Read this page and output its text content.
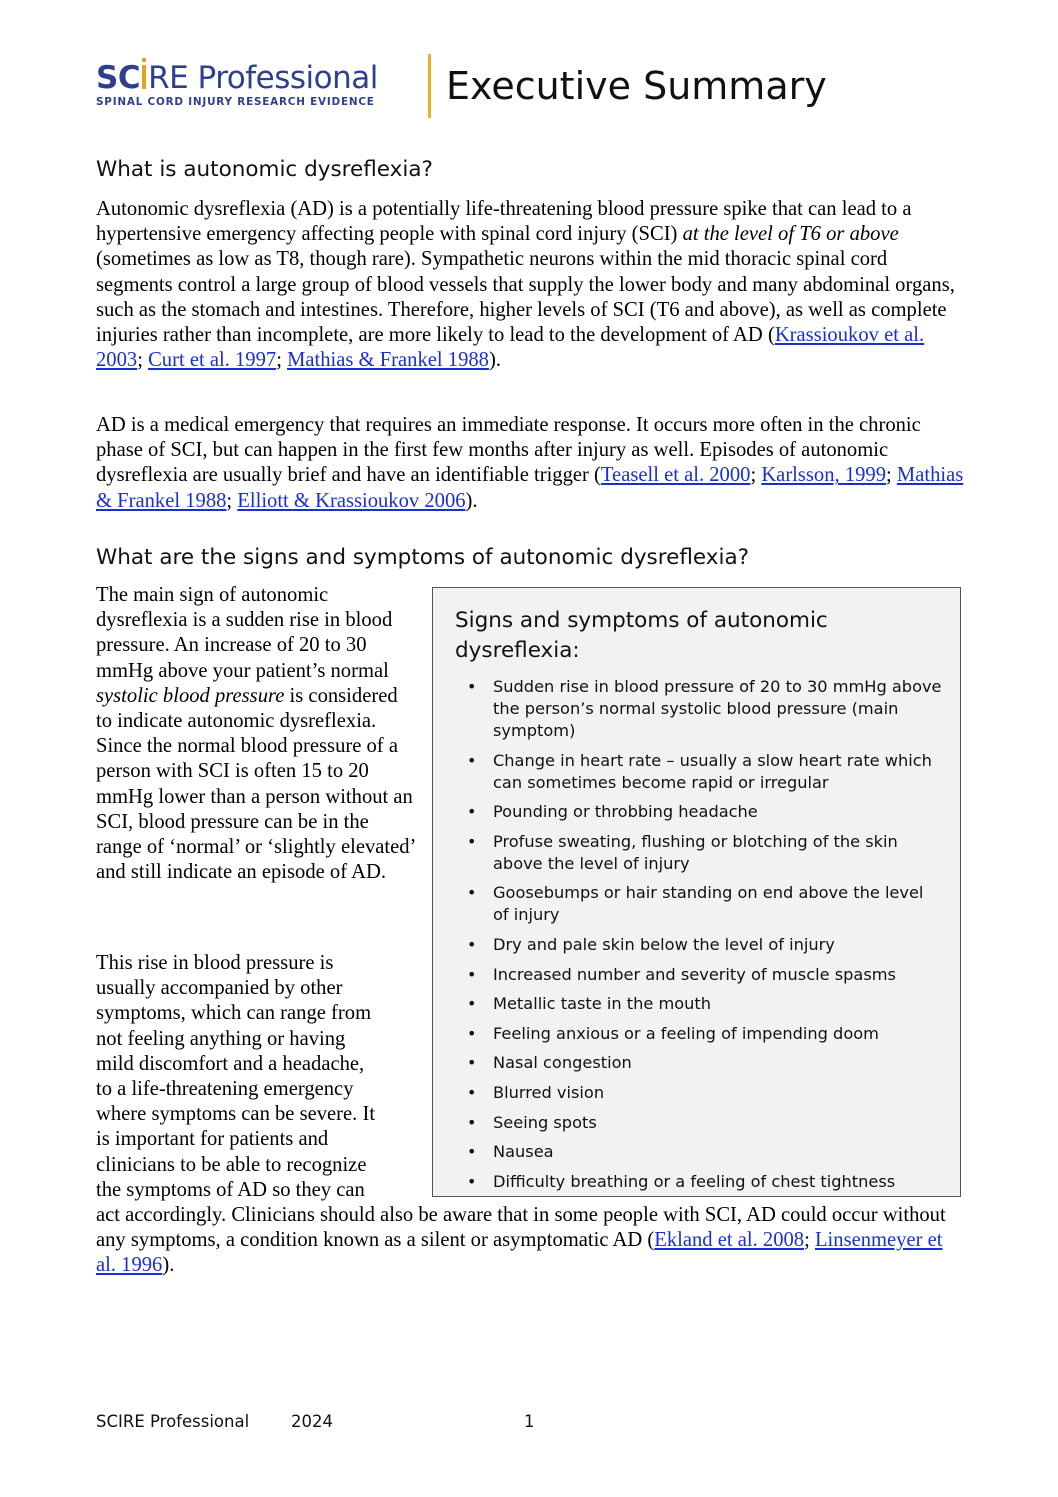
SC RE Professional
SPINAL CORD INJURY RESEARCH EVIDENCE	Executive Summary
What is autonomic dysreflexia?

Autonomic dysreflexia (AD) is a potentially life-threatening blood pressure spike that can lead to a hypertensive emergency affecting people with spinal cord injury (SCI) at the level of T6 or above (sometimes as low as T8, though rare). Sympathetic neurons within the mid thoracic spinal cord segments control a large group of blood vessels that supply the lower body and many abdominal organs, such as the stomach and intestines. Therefore, higher levels of SCI (T6 and above), as well as complete injuries rather than incomplete, are more likely to lead to the development of AD (Krassioukov et al. 2003; Curt et al. 1997; Mathias & Frankel 1988).

AD is a medical emergency that requires an immediate response. It occurs more often in the chronic phase of SCI, but can happen in the first few months after injury as well. Episodes of autonomic dysreflexia are usually brief and have an identifiable trigger (Teasell et al. 2000; Karlsson, 1999; Mathias & Frankel 1988; Elliott & Krassioukov 2006).

What are the signs and symptoms of autonomic dysreflexia?

The main sign of autonomic dysreflexia is a sudden rise in blood pressure. An increase of 20 to 30 mmHg above your patient’s normal systolic blood pressure is considered to indicate autonomic dysreflexia. Since the normal blood pressure of a person with SCI is often 15 to 20 mmHg lower than a person without an SCI, blood pressure can be in the range of ‘normal’ or ‘slightly elevated’ and still indicate an episode of AD.

This rise in blood pressure is
usually accompanied by other
symptoms, which can range from
not feeling anything or having
mild discomfort and a headache,
to a life-threatening emergency
where symptoms can be severe. It
is important for patients and
clinicians to be able to recognize
the symptoms of AD so they can
act accordingly. Clinicians should also be aware that in some people with SCI, AD could occur without any symptoms, a condition known as a silent or asymptomatic AD (Ekland et al. 2008; Linsenmeyer et al. 1996).
Signs and symptoms of autonomic dysreflexia:
• Sudden rise in blood pressure of 20 to 30 mmHg above the person’s normal systolic blood pressure (main symptom)
• Change in heart rate – usually a slow heart rate which can sometimes become rapid or irregular
• Pounding or throbbing headache
• Profuse sweating, flushing or blotching of the skin above the level of injury
• Goosebumps or hair standing on end above the level of injury
• Dry and pale skin below the level of injury
• Increased number and severity of muscle spasms
• Metallic taste in the mouth
• Feeling anxious or a feeling of impending doom
• Nasal congestion
• Blurred vision
• Seeing spots
• Nausea
• Difficulty breathing or a feeling of chest tightness
SCIRE Professional	2024	1
